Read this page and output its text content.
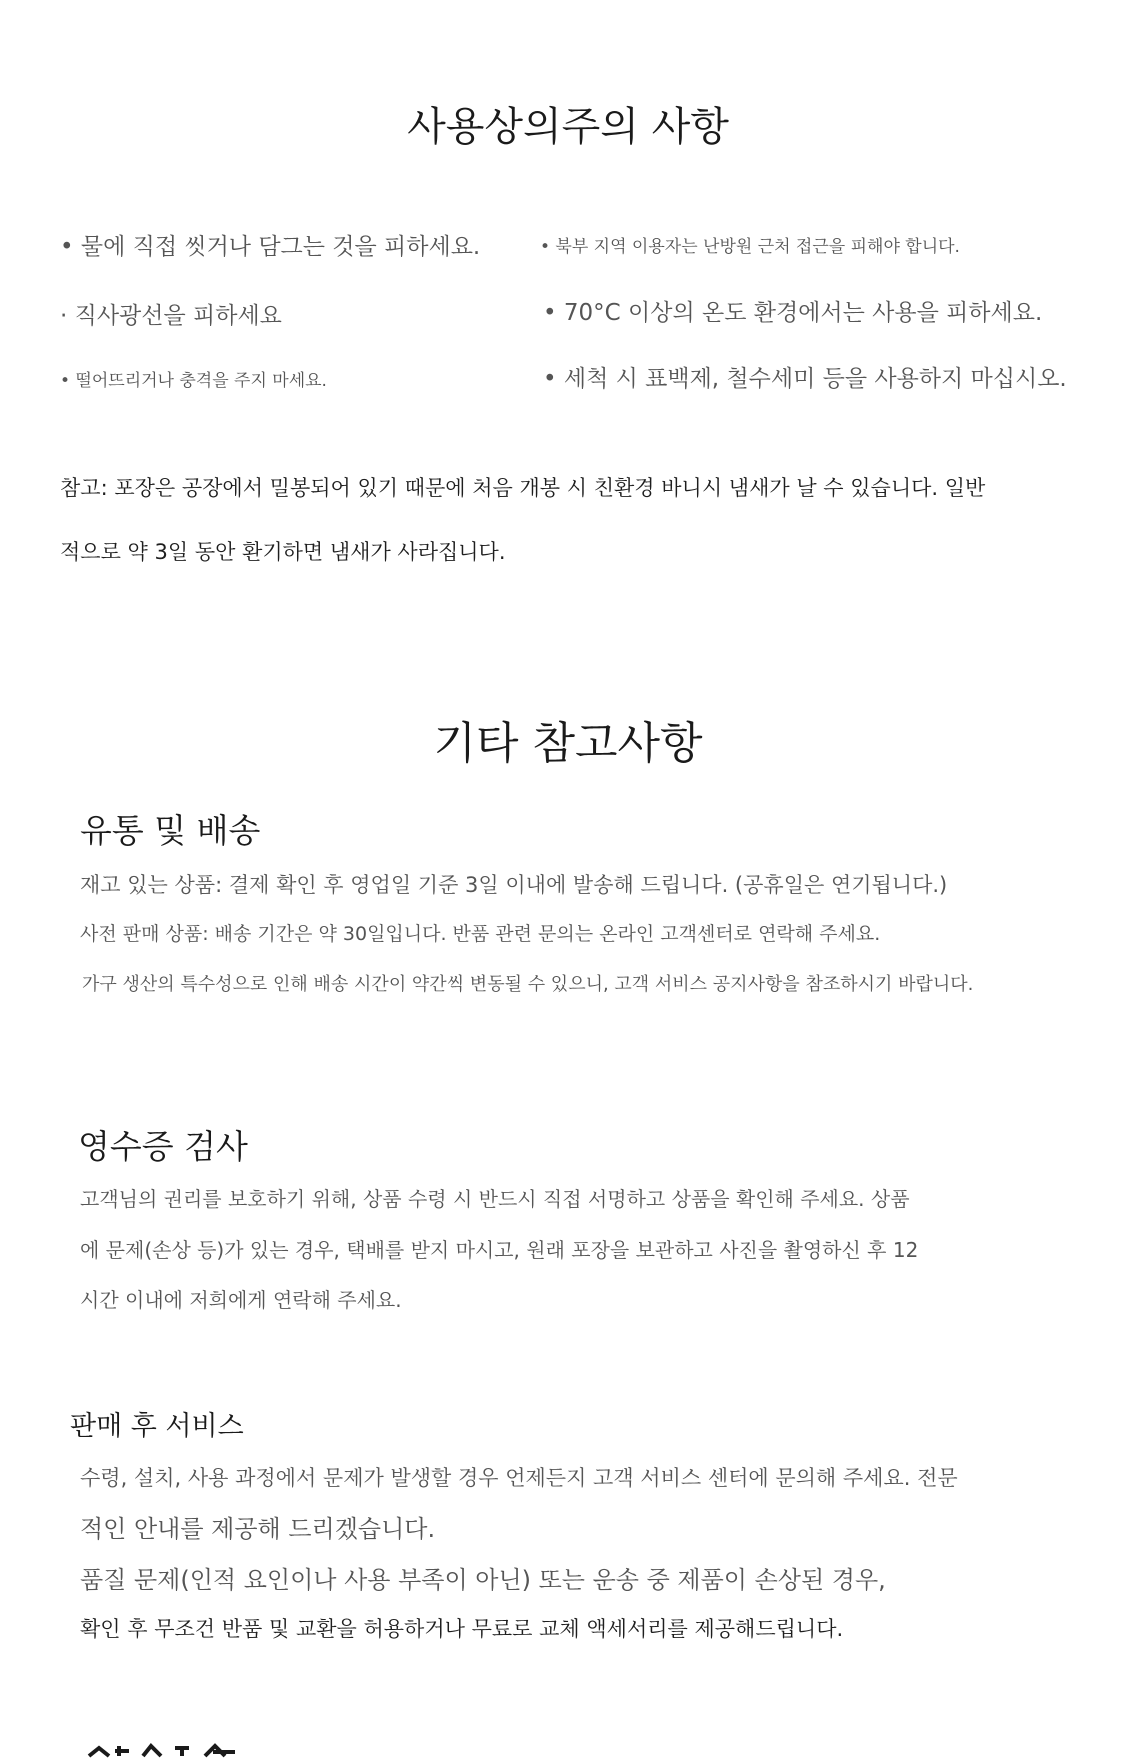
사용상의주의 사항
• 물에 직접 씻거나 담그는 것을 피하세요.
· 직사광선을 피하세요
• 떨어뜨리거나 충격을 주지 마세요.
• 북부 지역 이용자는 난방원 근처 접근을 피해야 합니다.
• 70°C 이상의 온도 환경에서는 사용을 피하세요.
• 세척 시 표백제, 철수세미 등을 사용하지 마십시오.
참고: 포장은 공장에서 밀봉되어 있기 때문에 처음 개봉 시 친환경 바니시 냄새가 날 수 있습니다. 일반
적으로 약 3일 동안 환기하면 냄새가 사라집니다.
기타 참고사항
유통 및 배송
재고 있는 상품: 결제 확인 후 영업일 기준 3일 이내에 발송해 드립니다. (공휴일은 연기됩니다.)
사전 판매 상품: 배송 기간은 약 30일입니다. 반품 관련 문의는 온라인 고객센터로 연락해 주세요.
가구 생산의 특수성으로 인해 배송 시간이 약간씩 변동될 수 있으니, 고객 서비스 공지사항을 참조하시기 바랍니다.
영수증 검사
고객님의 권리를 보호하기 위해, 상품 수령 시 반드시 직접 서명하고 상품을 확인해 주세요. 상품
에 문제(손상 등)가 있는 경우, 택배를 받지 마시고, 원래 포장을 보관하고 사진을 촬영하신 후 12
시간 이내에 저희에게 연락해 주세요.
판매 후 서비스
수령, 설치, 사용 과정에서 문제가 발생할 경우 언제든지 고객 서비스 센터에 문의해 주세요. 전문
적인 안내를 제공해 드리겠습니다.
품질 문제(인적 요인이나 사용 부족이 아닌) 또는 운송 중 제품이 손상된 경우,
확인 후 무조건 반품 및 교환을 허용하거나 무료로 교체 액세서리를 제공해드립니다.
